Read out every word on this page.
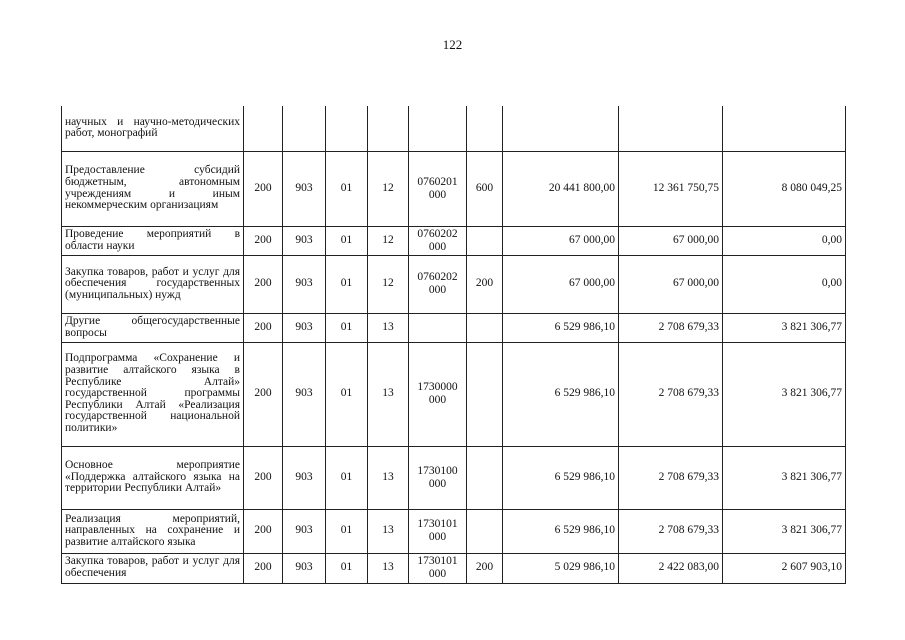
122
научных и научно-методических работ, монографий									
Предоставление субсидий бюджетным, автономным учреждениям и иным некоммерческим организациям	200	903	01	12	0760201 000	600	20 441 800,00	12 361 750,75	8 080 049,25
Проведение мероприятий в области науки	200	903	01	12	0760202 000		67 000,00	67 000,00	0,00
Закупка товаров, работ и услуг для обеспечения государственных (муниципальных) нужд	200	903	01	12	0760202 000	200	67 000,00	67 000,00	0,00
Другие общегосударственные вопросы	200	903	01	13			6 529 986,10	2 708 679,33	3 821 306,77
Подпрограмма «Сохранение и развитие алтайского языка в Республике Алтай» государственной программы Республики Алтай «Реализация государственной национальной политики»	200	903	01	13	1730000 000		6 529 986,10	2 708 679,33	3 821 306,77
Основное мероприятие «Поддержка алтайского языка на территории Республики Алтай»	200	903	01	13	1730100 000		6 529 986,10	2 708 679,33	3 821 306,77
Реализация мероприятий, направленных на сохранение и развитие алтайского языка	200	903	01	13	1730101 000		6 529 986,10	2 708 679,33	3 821 306,77
Закупка товаров, работ и услуг для обеспечения	200	903	01	13	1730101 000	200	5 029 986,10	2 422 083,00	2 607 903,10
